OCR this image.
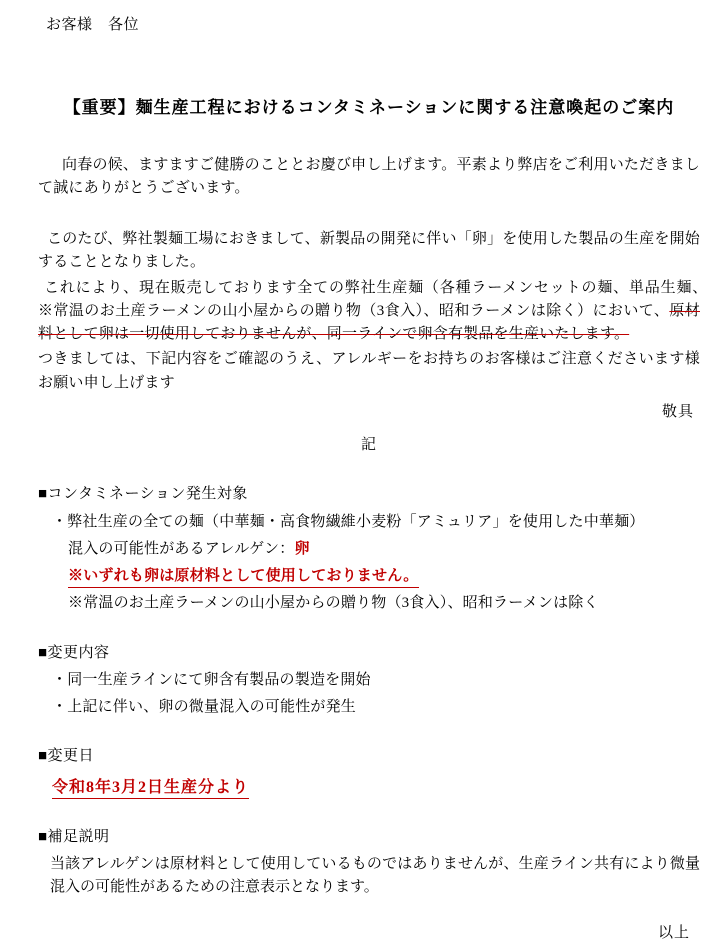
お客様　各位
【重要】麺生産工程におけるコンタミネーションに関する注意喚起のご案内

向春の候、ますますご健勝のこととお慶び申し上げます。平素より弊店をご利用いただきまして誠にありがとうございます。

このたび、弊社製麺工場におきまして、新製品の開発に伴い「卵」を使用した製品の生産を開始することとなりました。

これにより、現在販売しております全ての弊社生産麺（各種ラーメンセットの麺、単品生麺、　※常温のお土産ラーメンの山小屋からの贈り物（3食入）、昭和ラーメンは除く）において、原材料として卵は一切使用しておりませんが、同一ラインで卵含有製品を生産いたします。

つきましては、下記内容をご確認のうえ、アレルギーをお持ちのお客様はご注意くださいます様お願い申し上げます

敬具
記
■コンタミネーション発生対象
・弊社生産の全ての麺（中華麺・高食物繊維小麦粉「アミュリア」を使用した中華麺）
混入の可能性があるアレルゲン：卵
※いずれも卵は原材料として使用しておりません。
※常温のお土産ラーメンの山小屋からの贈り物（3食入）、昭和ラーメンは除く
■変更内容
・同一生産ラインにて卵含有製品の製造を開始
・上記に伴い、卵の微量混入の可能性が発生
■変更日
令和8年3月2日生産分より
■補足説明
当該アレルゲンは原材料として使用しているものではありませんが、生産ライン共有により微量混入の可能性があるための注意表示となります。
以上
